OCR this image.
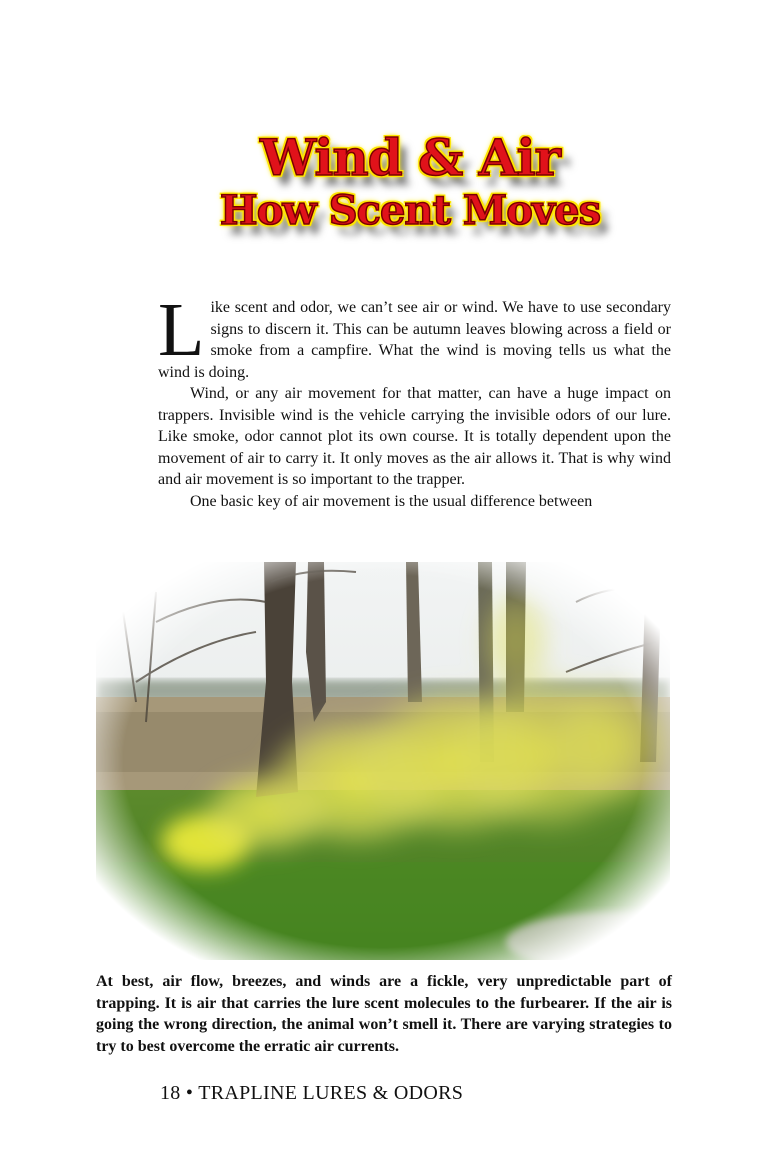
Wind & Air
How Scent Moves

Like scent and odor, we can’t see air or wind. We have to use secondary signs to discern it. This can be autumn leaves blowing across a field or smoke from a campfire. What the wind is moving tells us what the wind is doing.

Wind, or any air movement for that matter, can have a huge impact on trappers. Invisible wind is the vehicle carrying the invisible odors of our lure. Like smoke, odor cannot plot its own course. It is totally dependent upon the movement of air to carry it. It only moves as the air allows it. That is why wind and air movement is so important to the trapper.

One basic key of air movement is the usual difference between

At best, air flow, breezes, and winds are a fickle, very unpredictable part of trapping. It is air that carries the lure scent molecules to the furbearer. If the air is going the wrong direction, the animal won’t smell it. There are varying strategies to try to best overcome the erratic air currents.

18 • TRAPLINE LURES & ODORS
